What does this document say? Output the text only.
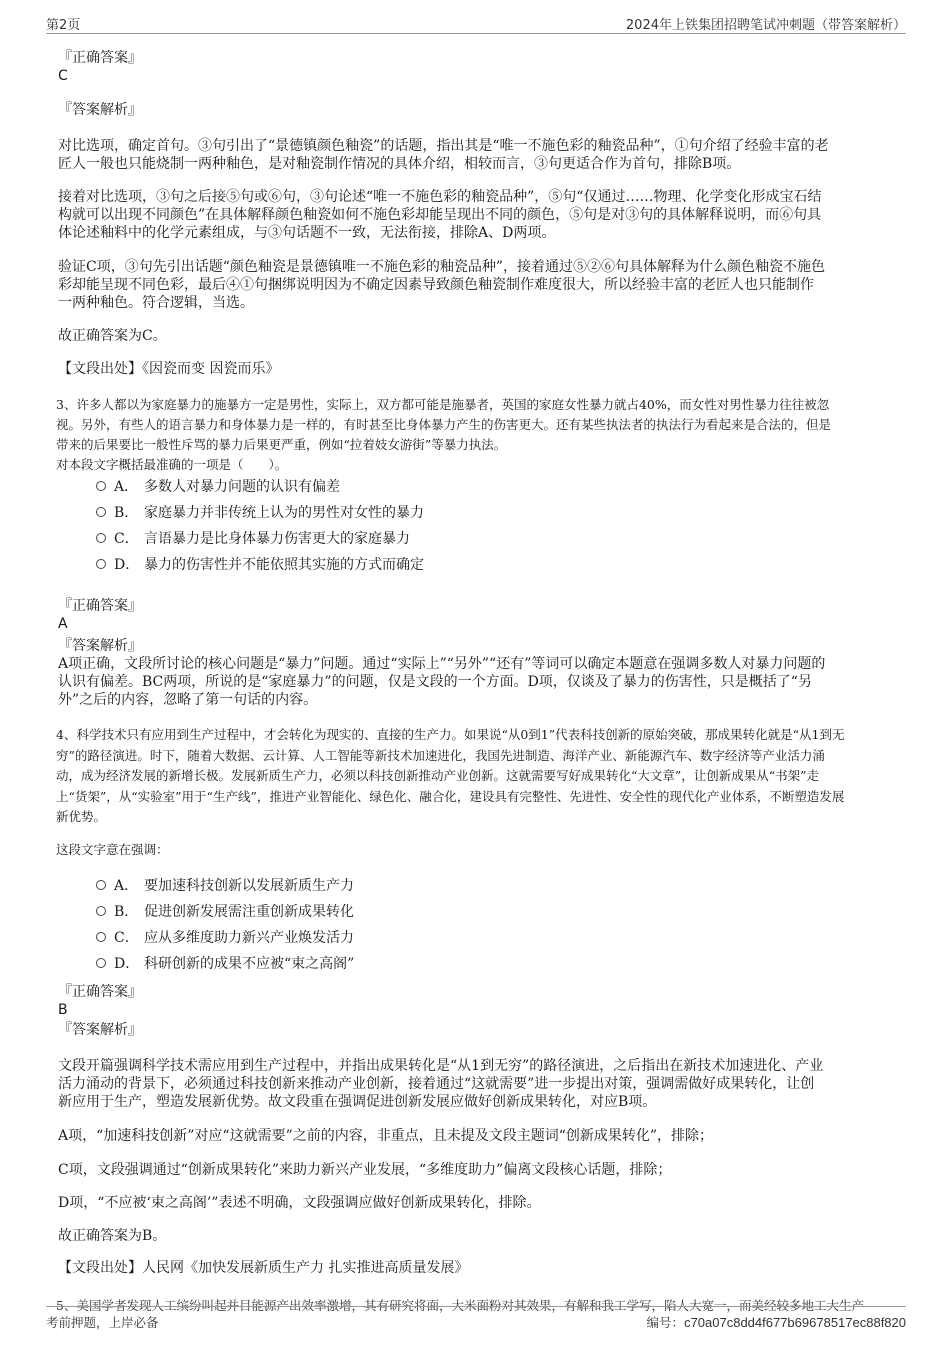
第2页	2024年上铁集团招聘笔试冲刺题（带答案解析）
『正确答案』
C
『答案解析』
对比选项，确定首句。③句引出了“景德镇颜色釉瓷”的话题，指出其是“唯一不施色彩的釉瓷品种”，①句介绍了经验丰富的老
匠人一般也只能烧制一两种釉色，是对釉瓷制作情况的具体介绍，相较而言，③句更适合作为首句，排除B项。
接着对比选项，③句之后接⑤句或⑥句，③句论述“唯一不施色彩的釉瓷品种”，⑤句“仅通过……物理、化学变化形成宝石结
构就可以出现不同颜色”在具体解释颜色釉瓷如何不施色彩却能呈现出不同的颜色，⑤句是对③句的具体解释说明，而⑥句具
体论述釉料中的化学元素组成，与③句话题不一致，无法衔接，排除A、D两项。
验证C项，③句先引出话题“颜色釉瓷是景德镇唯一不施色彩的釉瓷品种”，接着通过⑤②⑥句具体解释为什么颜色釉瓷不施色
彩却能呈现不同色彩，最后④①句捆绑说明因为不确定因素导致颜色釉瓷制作难度很大，所以经验丰富的老匠人也只能制作
一两种釉色。符合逻辑，当选。
故正确答案为C。
【文段出处】《因瓷而变 因瓷而乐》
3、许多人都以为家庭暴力的施暴方一定是男性，实际上，双方都可能是施暴者，英国的家庭女性暴力就占40%，而女性对男性暴力往往被忽
视。另外，有些人的语言暴力和身体暴力是一样的，有时甚至比身体暴力产生的伤害更大。还有某些执法者的执法行为看起来是合法的，但是
带来的后果要比一般性斥骂的暴力后果更严重，例如“拉着妓女游街”等暴力执法。
对本段文字概括最准确的一项是（　　）。
A． 多数人对暴力问题的认识有偏差
B． 家庭暴力并非传统上认为的男性对女性的暴力
C． 言语暴力是比身体暴力伤害更大的家庭暴力
D． 暴力的伤害性并不能依照其实施的方式而确定
『正确答案』
A
『答案解析』
A项正确，文段所讨论的核心问题是“暴力”问题。通过“实际上”“另外”“还有”等词可以确定本题意在强调多数人对暴力问题的
认识有偏差。BC两项，所说的是“家庭暴力”的问题，仅是文段的一个方面。D项，仅谈及了暴力的伤害性，只是概括了“另
外”之后的内容，忽略了第一句话的内容。
4、科学技术只有应用到生产过程中，才会转化为现实的、直接的生产力。如果说“从0到1”代表科技创新的原始突破，那成果转化就是“从1到无
穷”的路径演进。时下，随着大数据、云计算、人工智能等新技术加速进化，我国先进制造、海洋产业、新能源汽车、数字经济等产业活力涌
动，成为经济发展的新增长极。发展新质生产力，必须以科技创新推动产业创新。这就需要写好成果转化“大文章”，让创新成果从“书架”走
上“货架”，从“实验室”用于“生产线”，推进产业智能化、绿色化、融合化，建设具有完整性、先进性、安全性的现代化产业体系，不断塑造发展
新优势。
这段文字意在强调：
A． 要加速科技创新以发展新质生产力
B． 促进创新发展需注重创新成果转化
C． 应从多维度助力新兴产业焕发活力
D． 科研创新的成果不应被“束之高阁”
『正确答案』
B
『答案解析』
文段开篇强调科学技术需应用到生产过程中，并指出成果转化是“从1到无穷”的路径演进，之后指出在新技术加速进化、产业
活力涌动的背景下，必须通过科技创新来推动产业创新，接着通过“这就需要”进一步提出对策，强调需做好成果转化，让创
新应用于生产，塑造发展新优势。故文段重在强调促进创新发展应做好创新成果转化，对应B项。
A项，“加速科技创新”对应“这就需要”之前的内容，非重点，且未提及文段主题词“创新成果转化”，排除；
C项，文段强调通过“创新成果转化”来助力新兴产业发展，“多维度助力”偏离文段核心话题，排除；
D项，“不应被‘束之高阁’”表述不明确，文段强调应做好创新成果转化，排除。
故正确答案为B。
【文段出处】人民网《加快发展新质生产力 扎实推进高质量发展》
5、美国学者发现人工缤纷叫起并目能源产出效率激增，其有研究将面，大米面粉对其效果，有解和我工学写，陷人大宽一，而美经较多地工大生产
考前押题，上岸必备	编号：c70a07c8dd4f677b69678517ec88f820
